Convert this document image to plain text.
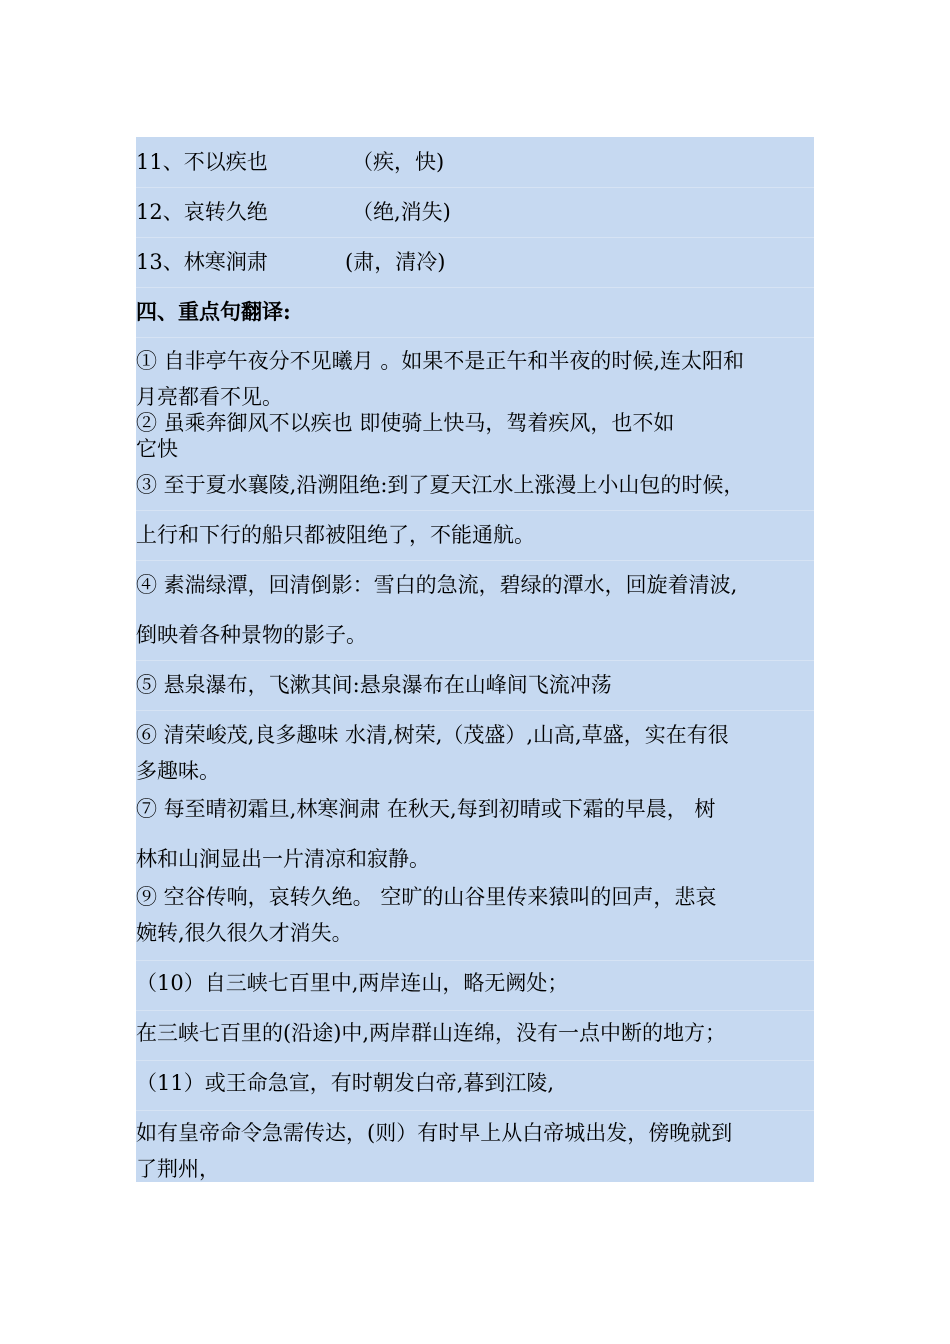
11、不以疾也	（疾，快)
12、哀转久绝	（绝,消失)
13、林寒涧肃	(肃，清冷)
四、重点句翻译:
① 自非亭午夜分不见曦月 。如果不是正午和半夜的时候,连太阳和
月亮都看不见。
② 虽乘奔御风不以疾也 即使骑上快马，驾着疾风，也不如
它快
③ 至于夏水襄陵,沿溯阻绝:到了夏天江水上涨漫上小山包的时候，
上行和下行的船只都被阻绝了，不能通航。
④ 素湍绿潭，回清倒影：雪白的急流，碧绿的潭水，回旋着清波,
倒映着各种景物的影子。
⑤ 悬泉瀑布，飞漱其间:悬泉瀑布在山峰间飞流冲荡
⑥ 清荣峻茂,良多趣味 水清,树荣,（茂盛）,山高,草盛，实在有很
多趣味。
⑦ 每至晴初霜旦,林寒涧肃 在秋天,每到初晴或下霜的早晨， 树
林和山涧显出一片清凉和寂静。
⑨ 空谷传响，哀转久绝。 空旷的山谷里传来猿叫的回声，悲哀
婉转,很久很久才消失。
（10）自三峡七百里中,两岸连山，略无阙处；
在三峡七百里的(沿途)中,两岸群山连绵，没有一点中断的地方；
（11）或王命急宣，有时朝发白帝,暮到江陵,
如有皇帝命令急需传达，(则）有时早上从白帝城出发，傍晚就到
了荆州，
